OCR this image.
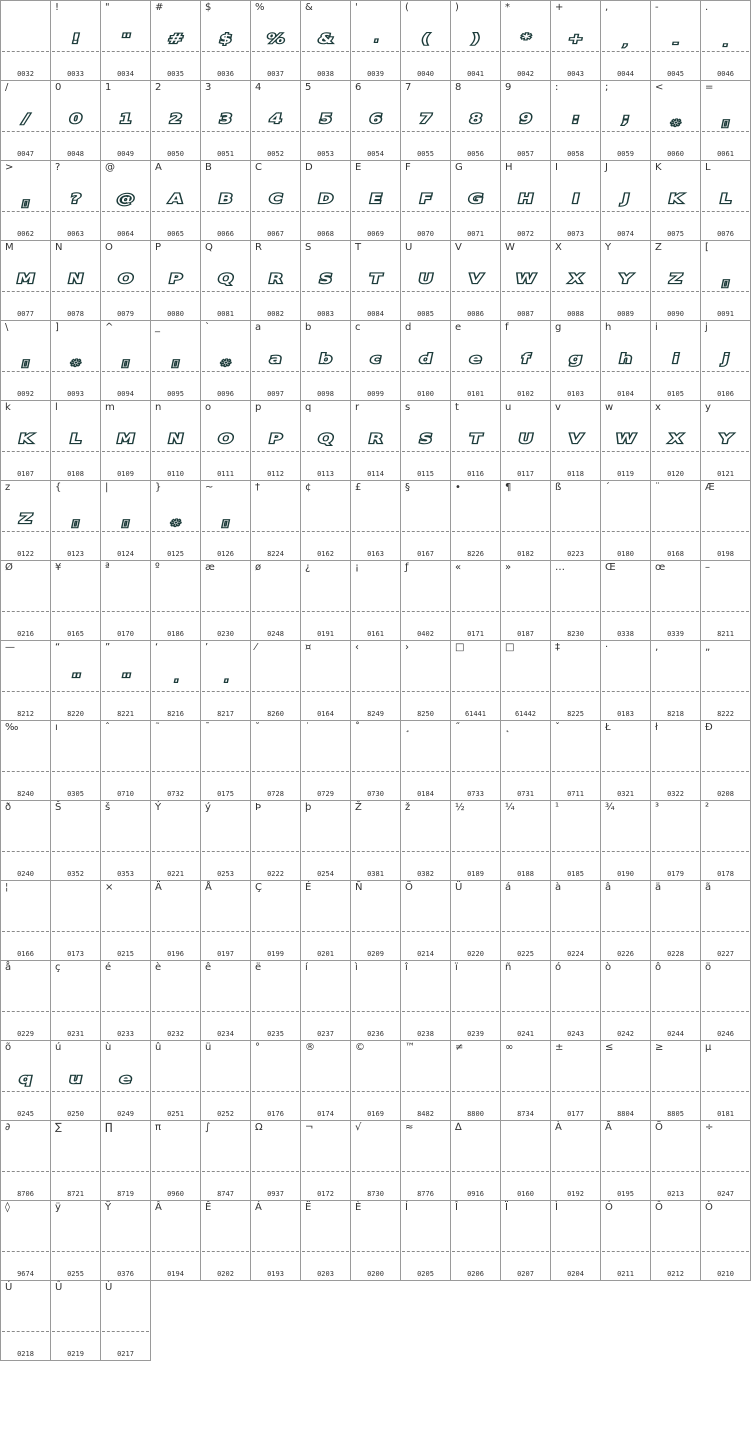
0032
!
!
0033
"
"
0034
#
#
0035
$
$
0036
%
%
0037
&
&
0038
'
'
0039
(
(
0040
)
)
0041
*
*
0042
+
+
0043
,
,
0044
-
-
0045
.
.
0046
/
/
0047
0
0
0048
1
1
0049
2
2
0050
3
3
0051
4
4
0052
5
5
0053
6
6
0054
7
7
0055
8
8
0056
9
9
0057
:
:
0058
;
;
0059
<
☼
0060
=
▯
0061
>
▯
0062
?
?
0063
@
@
0064
A
A
0065
B
B
0066
C
C
0067
D
D
0068
E
E
0069
F
F
0070
G
G
0071
H
H
0072
I
I
0073
J
J
0074
K
K
0075
L
L
0076
M
M
0077
N
N
0078
O
O
0079
P
P
0080
Q
Q
0081
R
R
0082
S
S
0083
T
T
0084
U
U
0085
V
V
0086
W
W
0087
X
X
0088
Y
Y
0089
Z
Z
0090
[
▯
0091
\
▯
0092
]
☼
0093
^
▯
0094
_
▯
0095
`
☼
0096
a
a
0097
b
b
0098
c
c
0099
d
d
0100
e
e
0101
f
f
0102
g
g
0103
h
h
0104
i
i
0105
j
j
0106
k
K
0107
l
L
0108
m
M
0109
n
N
0110
o
O
0111
p
P
0112
q
Q
0113
r
R
0114
s
S
0115
t
T
0116
u
U
0117
v
V
0118
w
W
0119
x
X
0120
y
Y
0121
z
Z
0122
{
▯
0123
|
▯
0124
}
☼
0125
~
▯
0126
†
8224
¢
0162
£
0163
§
0167
•
8226
¶
0182
ß
0223
´
0180
¨
0168
Æ
0198
Ø
0216
¥
0165
ª
0170
º
0186
æ
0230
ø
0248
¿
0191
¡
0161
ƒ
0402
«
0171
»
0187
…
8230
Œ
0338
œ
0339
–
8211
—
8212
“
"
8220
”
"
8221
‘
'
8216
’
'
8217
⁄
8260
¤
0164
‹
8249
›
8250
□
61441
□
61442
‡
8225
·
0183
‚
8218
„
8222
‰
8240
ı
0305
ˆ
0710
˜
0732
¯
0175
˘
0728
˙
0729
˚
0730
¸
0184
˝
0733
˛
0731
ˇ
0711
Ł
0321
ł
0322
Ð
0208
ð
0240
Š
0352
š
0353
Ý
0221
ý
0253
Þ
0222
þ
0254
Ž
0381
ž
0382
½
0189
¼
0188
¹
0185
¾
0190
³
0179
²
0178
¦
0166	0173
×
0215
Ä
0196
Å
0197
Ç
0199
É
0201
Ñ
0209
Ö
0214
Ü
0220
á
0225
à
0224
â
0226
ä
0228
ã
0227
å
0229
ç
0231
é
0233
è
0232
ê
0234
ë
0235
í
0237
ì
0236
î
0238
ï
0239
ñ
0241
ó
0243
ò
0242
ô
0244
ö
0246
õ
q
0245
ú
u
0250
ù
e
0249
û
0251
ü
0252
°
0176
®
0174
©
0169
™
8482
≠
8800
∞
8734
±
0177
≤
8804
≥
8805
µ
0181
∂
8706
∑
8721
∏
8719
π
0960
∫
8747
Ω
0937
¬
0172
√
8730
≈
8776
∆
0916	0160
À
0192
Ã
0195
Õ
0213
÷
0247
◊
9674
ÿ
0255
Ÿ
0376
Â
0194
Ê
0202
Á
0193
Ë
0203
È
0200
Í
0205
Î
0206
Ï
0207
Ì
0204
Ó
0211
Ô
0212
Ò
0210
Ú
0218
Û
0219
Ù
0217
